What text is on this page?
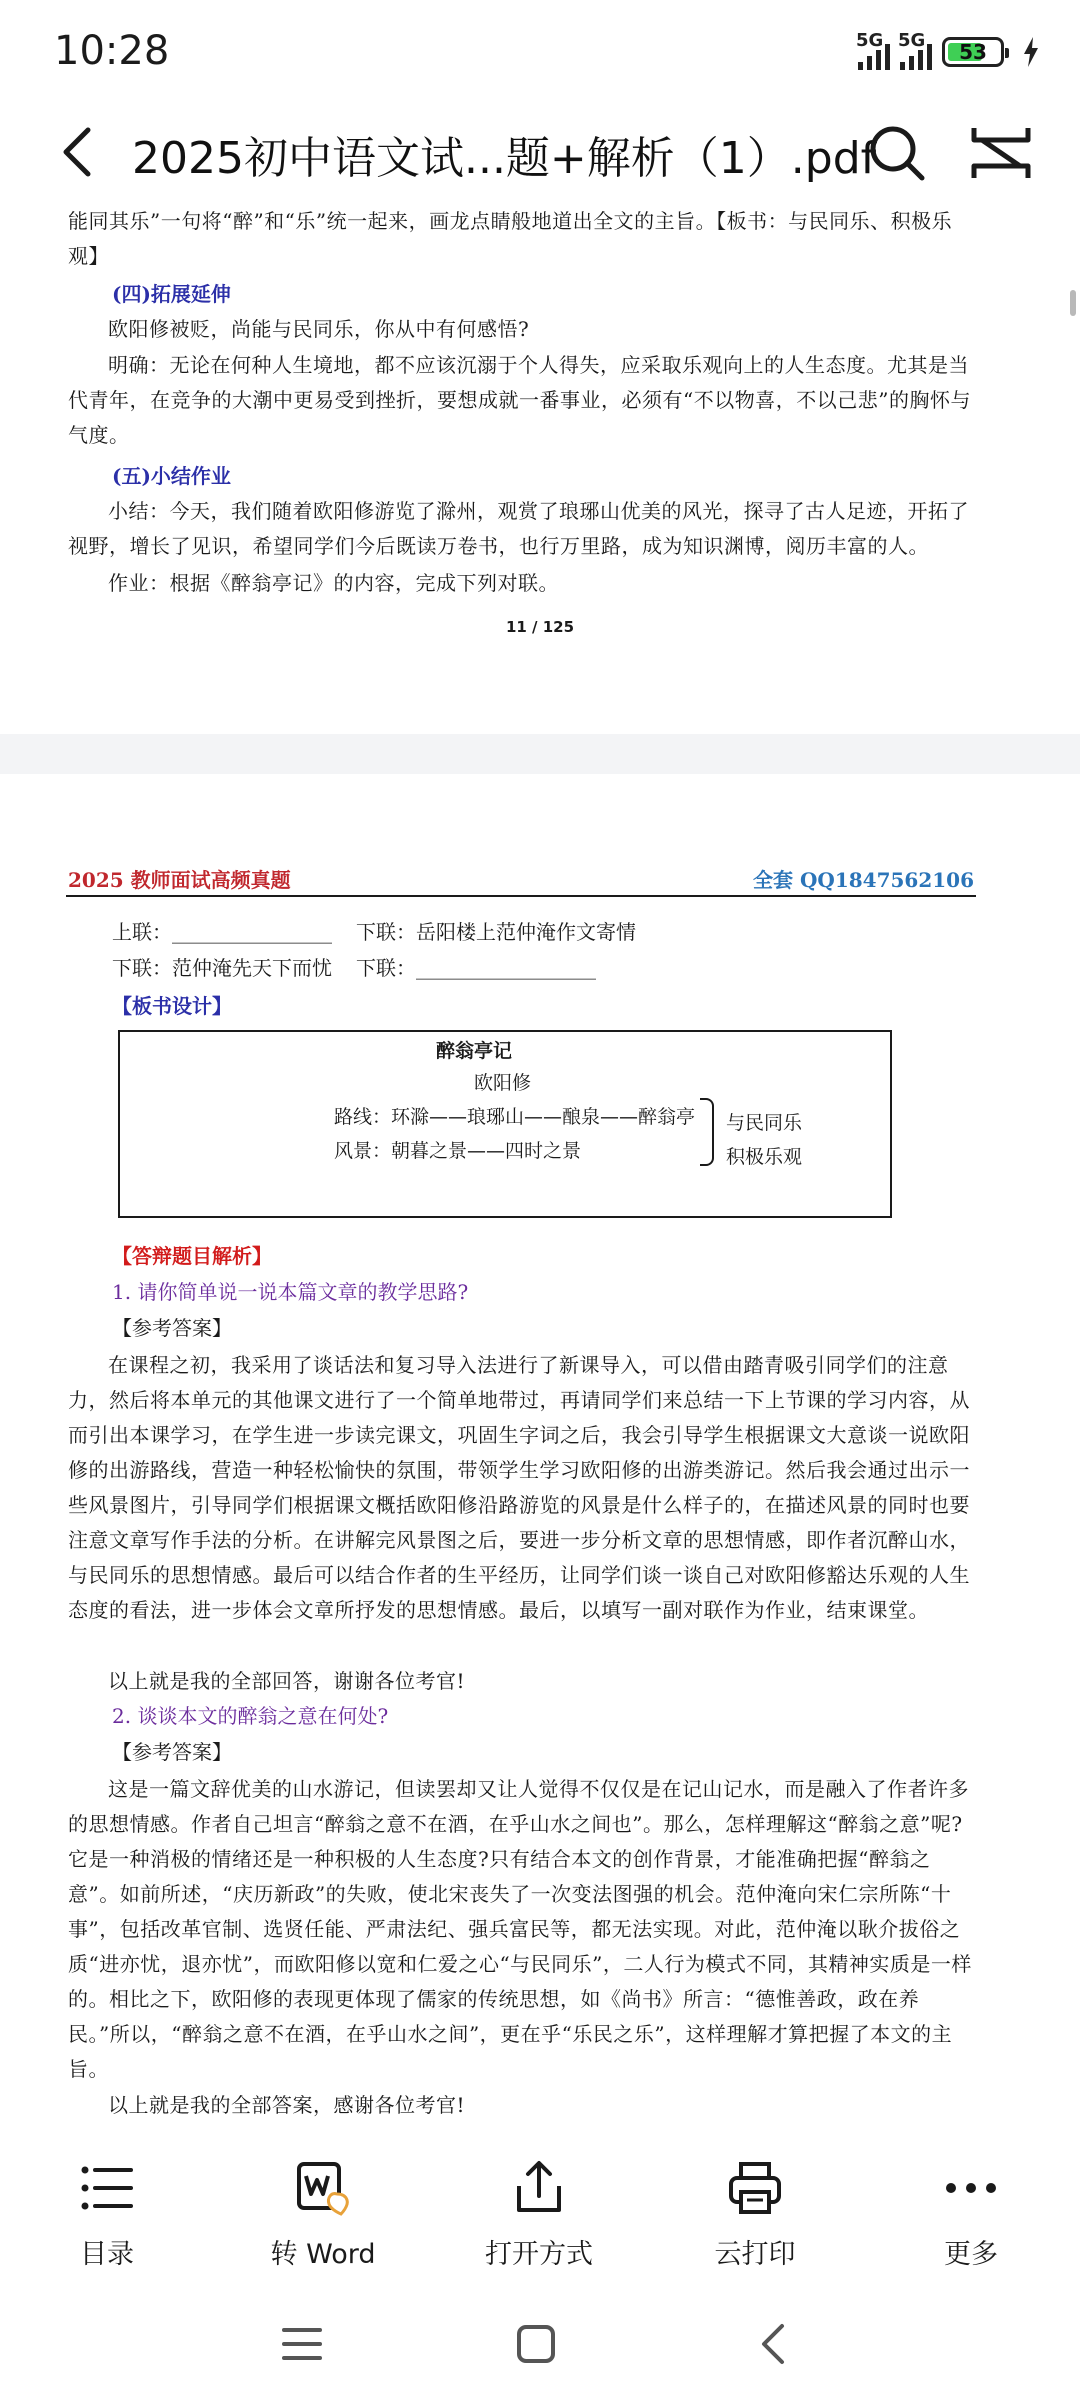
10:28	5G 5G	53
2025初中语文试...题+解析（1）.pdf

能同其乐”一句将“醉”和“乐”统一起来，画龙点睛般地道出全文的主旨。【板书：与民同乐、积极乐观】
(四)拓展延伸
欧阳修被贬，尚能与民同乐，你从中有何感悟?
明确：无论在何种人生境地，都不应该沉溺于个人得失，应采取乐观向上的人生态度。尤其是当代青年，在竞争的大潮中更易受到挫折，要想成就一番事业，必须有“不以物喜，不以己悲”的胸怀与气度。
(五)小结作业
小结：今天，我们随着欧阳修游览了滁州，观赏了琅琊山优美的风光，探寻了古人足迹，开拓了视野，增长了见识，希望同学们今后既读万卷书，也行万里路，成为知识渊博，阅历丰富的人。
作业：根据《醉翁亭记》的内容，完成下列对联。
11 / 125
2025 教师面试高频真题	全套 QQ1847562106
上联：________________ 下联：岳阳楼上范仲淹作文寄情
下联：范仲淹先天下而忧 下联：__________________
【板书设计】
醉翁亭记
欧阳修
路线：环滁——琅琊山——酿泉——醉翁亭
风景：朝暮之景——四时之景
与民同乐
积极乐观
【答辩题目解析】
1. 请你简单说一说本篇文章的教学思路?
【参考答案】
在课程之初，我采用了谈话法和复习导入法进行了新课导入，可以借由踏青吸引同学们的注意力，然后将本单元的其他课文进行了一个简单地带过，再请同学们来总结一下上节课的学习内容，从而引出本课学习，在学生进一步读完课文，巩固生字词之后，我会引导学生根据课文大意谈一说欧阳修的出游路线，营造一种轻松愉快的氛围，带领学生学习欧阳修的出游类游记。然后我会通过出示一些风景图片，引导同学们根据课文概括欧阳修沿路游览的风景是什么样子的，在描述风景的同时也要注意文章写作手法的分析。在讲解完风景图之后，要进一步分析文章的思想情感，即作者沉醉山水，与民同乐的思想情感。最后可以结合作者的生平经历，让同学们谈一谈自己对欧阳修豁达乐观的人生态度的看法，进一步体会文章所抒发的思想情感。最后，以填写一副对联作为作业，结束课堂。
以上就是我的全部回答，谢谢各位考官!
2. 谈谈本文的醉翁之意在何处?
【参考答案】
这是一篇文辞优美的山水游记，但读罢却又让人觉得不仅仅是在记山记水，而是融入了作者许多的思想情感。作者自己坦言“醉翁之意不在酒，在乎山水之间也”。那么，怎样理解这“醉翁之意”呢?它是一种消极的情绪还是一种积极的人生态度?只有结合本文的创作背景，才能准确把握“醉翁之意”。如前所述，“庆历新政”的失败，使北宋丧失了一次变法图强的机会。范仲淹向宋仁宗所陈“十事”，包括改革官制、选贤任能、严肃法纪、强兵富民等，都无法实现。对此，范仲淹以耿介拔俗之质“进亦忧，退亦忧”，而欧阳修以宽和仁爱之心“与民同乐”，二人行为模式不同，其精神实质是一样的。相比之下，欧阳修的表现更体现了儒家的传统思想，如《尚书》所言：“德惟善政，政在养民。”所以，“醉翁之意不在酒，在乎山水之间”，更在乎“乐民之乐”，这样理解才算把握了本文的主旨。
以上就是我的全部答案，感谢各位考官!
目录	转 Word	打开方式	云打印	更多
